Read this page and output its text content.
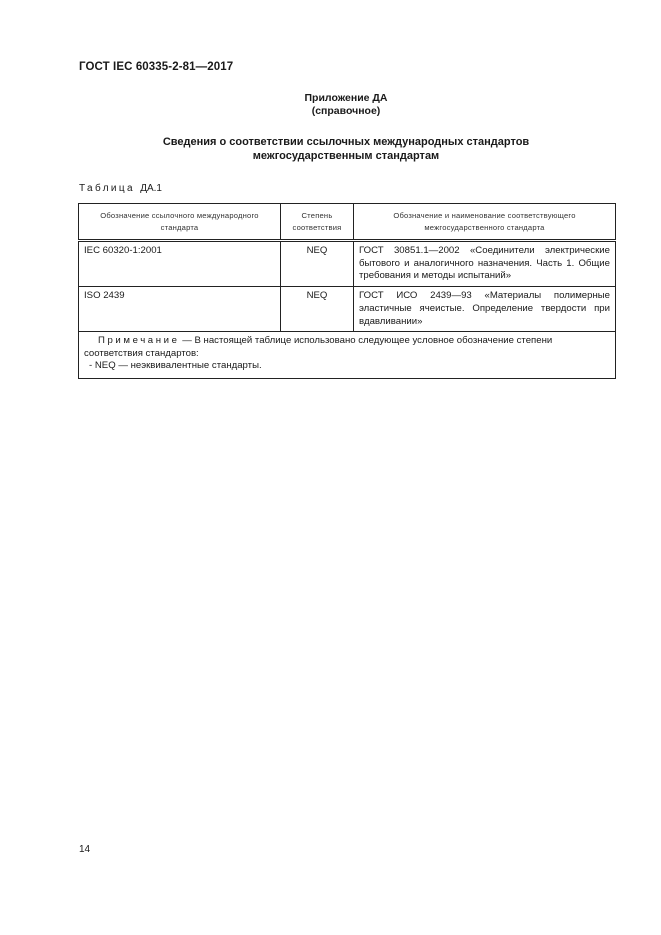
ГОСТ IEC 60335-2-81—2017
Приложение ДА
(справочное)
Сведения о соответствии ссылочных международных стандартов
межгосударственным стандартам
Таблица ДА.1
Обозначение ссылочного международного стандарта	Степень соответствия	Обозначение и наименование соответствующего межгосударственного стандарта
IEC 60320-1:2001	NEQ	ГОСТ 30851.1—2002 «Соединители электрические бытового и аналогичного назначения. Часть 1. Общие требования и методы испытаний»
ISO 2439	NEQ	ГОСТ ИСО 2439—93 «Материалы полимерные эластичные ячеистые. Определение твердости при вдавливании»
Примечание — В настоящей таблице использовано следующее условное обозначение степени соответствия стандартов:
- NEQ — неэквивалентные стандарты.		
14
